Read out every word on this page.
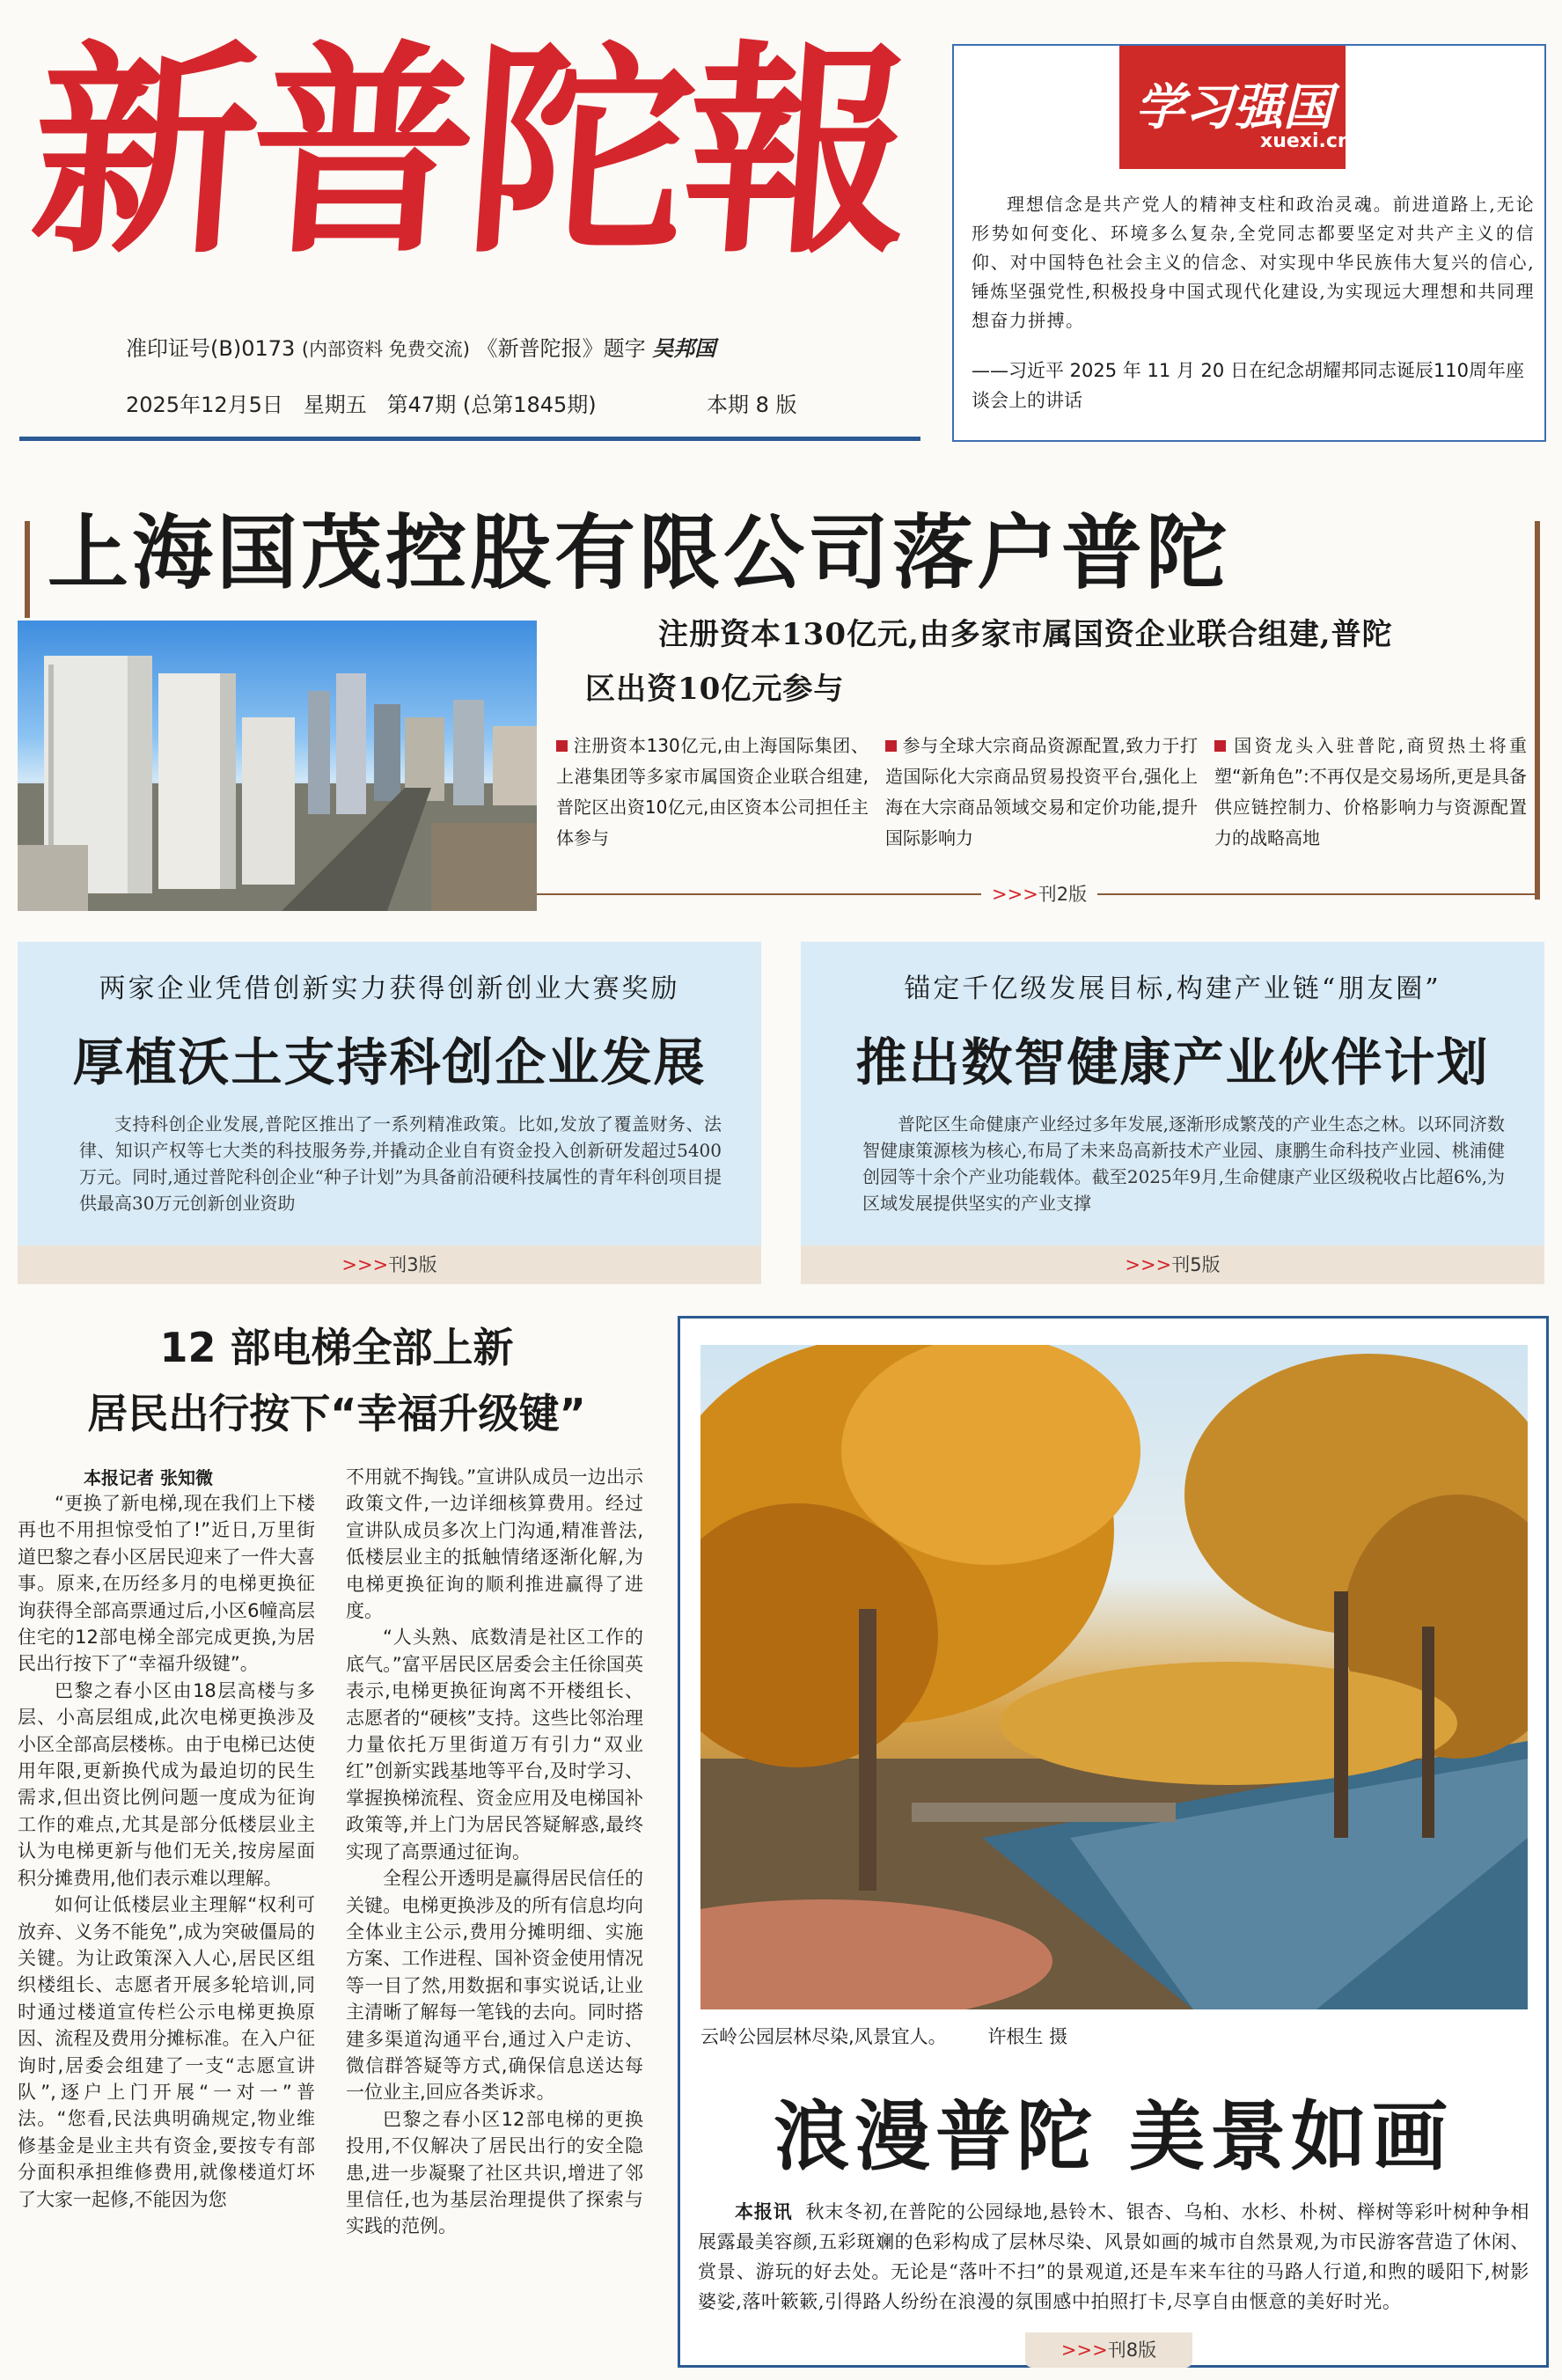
新普陀報
准印证号(B)0173 (内部资料 免费交流) 《新普陀报》题字 吴邦国
2025年12月5日 星期五 第47期 (总第1845期)	本期 8 版
学习强国
xuexi.cn
理想信念是共产党人的精神支柱和政治灵魂。前进道路上,无论形势如何变化、环境多么复杂,全党同志都要坚定对共产主义的信仰、对中国特色社会主义的信念、对实现中华民族伟大复兴的信心,锤炼坚强党性,积极投身中国式现代化建设,为实现远大理想和共同理想奋力拼搏。
——习近平 2025 年 11 月 20 日在纪念胡耀邦同志诞辰110周年座谈会上的讲话
上海国茂控股有限公司落户普陀
注册资本130亿元,由多家市属国资企业联合组建,普陀
区出资10亿元参与
注册资本130亿元,由上海国际集团、上港集团等多家市属国资企业联合组建,普陀区出资10亿元,由区资本公司担任主体参与
参与全球大宗商品资源配置,致力于打造国际化大宗商品贸易投资平台,强化上海在大宗商品领域交易和定价功能,提升国际影响力
国资龙头入驻普陀,商贸热土将重塑“新角色”:不再仅是交易场所,更是具备供应链控制力、价格影响力与资源配置力的战略高地
>>>刊2版
两家企业凭借创新实力获得创新创业大赛奖励
厚植沃土支持科创企业发展
支持科创企业发展,普陀区推出了一系列精准政策。比如,发放了覆盖财务、法律、知识产权等七大类的科技服务券,并撬动企业自有资金投入创新研发超过5400万元。同时,通过普陀科创企业“种子计划”为具备前沿硬科技属性的青年科创项目提供最高30万元创新创业资助
>>>刊3版
锚定千亿级发展目标,构建产业链“朋友圈”
推出数智健康产业伙伴计划
普陀区生命健康产业经过多年发展,逐渐形成繁茂的产业生态之林。以环同济数智健康策源核为核心,布局了未来岛高新技术产业园、康鹏生命科技产业园、桃浦健创园等十余个产业功能载体。截至2025年9月,生命健康产业区级税收占比超6%,为区域发展提供坚实的产业支撑
>>>刊5版
12 部电梯全部上新
居民出行按下“幸福升级键”
本报记者 张知微

“更换了新电梯,现在我们上下楼再也不用担惊受怕了!”近日,万里街道巴黎之春小区居民迎来了一件大喜事。原来,在历经多月的电梯更换征询获得全部高票通过后,小区6幢高层住宅的12部电梯全部完成更换,为居民出行按下了“幸福升级键”。

巴黎之春小区由18层高楼与多层、小高层组成,此次电梯更换涉及小区全部高层楼栋。由于电梯已达使用年限,更新换代成为最迫切的民生需求,但出资比例问题一度成为征询工作的难点,尤其是部分低楼层业主认为电梯更新与他们无关,按房屋面积分摊费用,他们表示难以理解。

如何让低楼层业主理解“权利可放弃、义务不能免”,成为突破僵局的关键。为让政策深入人心,居民区组织楼组长、志愿者开展多轮培训,同时通过楼道宣传栏公示电梯更换原因、流程及费用分摊标准。在入户征询时,居委会组建了一支“志愿宣讲队”,逐户上门开展“一对一”普法。“您看,民法典明确规定,物业维修基金是业主共有资金,要按专有部分面积承担维修费用,就像楼道灯坏了大家一起修,不能因为您

不用就不掏钱。”宣讲队成员一边出示政策文件,一边详细核算费用。经过宣讲队成员多次上门沟通,精准普法,低楼层业主的抵触情绪逐渐化解,为电梯更换征询的顺利推进赢得了进度。

“人头熟、底数清是社区工作的底气。”富平居民区居委会主任徐国英表示,电梯更换征询离不开楼组长、志愿者的“硬核”支持。这些比邻治理力量依托万里街道万有引力“双业红”创新实践基地等平台,及时学习、掌握换梯流程、资金应用及电梯国补政策等,并上门为居民答疑解惑,最终实现了高票通过征询。

全程公开透明是赢得居民信任的关键。电梯更换涉及的所有信息均向全体业主公示,费用分摊明细、实施方案、工作进程、国补资金使用情况等一目了然,用数据和事实说话,让业主清晰了解每一笔钱的去向。同时搭建多渠道沟通平台,通过入户走访、微信群答疑等方式,确保信息送达每一位业主,回应各类诉求。

巴黎之春小区12部电梯的更换投用,不仅解决了居民出行的安全隐患,进一步凝聚了社区共识,增进了邻里信任,也为基层治理提供了探索与实践的范例。

云岭公园层林尽染,风景宜人。 许根生 摄
浪漫普陀 美景如画
本报讯 秋末冬初,在普陀的公园绿地,悬铃木、银杏、乌桕、水杉、朴树、榉树等彩叶树种争相展露最美容颜,五彩斑斓的色彩构成了层林尽染、风景如画的城市自然景观,为市民游客营造了休闲、赏景、游玩的好去处。无论是“落叶不扫”的景观道,还是车来车往的马路人行道,和煦的暖阳下,树影婆娑,落叶簌簌,引得路人纷纷在浪漫的氛围感中拍照打卡,尽享自由惬意的美好时光。
>>>刊8版
